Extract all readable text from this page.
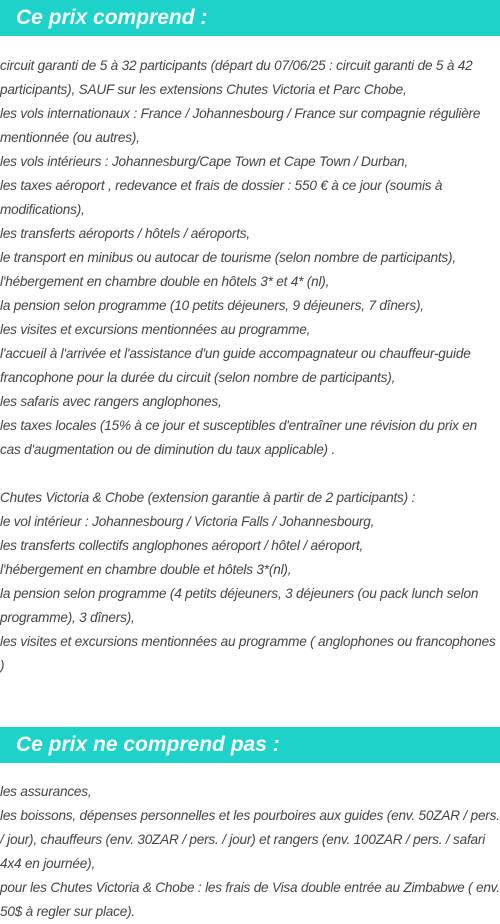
Ce prix comprend :
circuit garanti de 5 à 32 participants (départ du 07/06/25 : circuit garanti de 5 à 42 participants), SAUF sur les extensions Chutes Victoria et Parc Chobe,
les vols internationaux : France / Johannesbourg / France sur compagnie régulière mentionnée (ou autres),
les vols intérieurs : Johannesburg/Cape Town et Cape Town / Durban,
les taxes aéroport , redevance et frais de dossier : 550 € à ce jour (soumis à modifications),
les transferts aéroports / hôtels / aéroports,
le transport en minibus ou autocar de tourisme (selon nombre de participants),
l'hébergement en chambre double en hôtels 3* et 4* (nl),
la pension selon programme (10 petits déjeuners, 9 déjeuners, 7 dîners),
les visites et excursions mentionnées au programme,
l'accueil à l'arrivée et l'assistance d'un guide accompagnateur ou chauffeur-guide francophone pour la durée du circuit (selon nombre de participants),
les safaris avec rangers anglophones,
les taxes locales (15% à ce jour et susceptibles d'entraîner une révision du prix en cas d'augmentation ou de diminution du taux applicable) .
Chutes Victoria & Chobe (extension garantie à partir de 2 participants) :
le vol intérieur : Johannesbourg / Victoria Falls / Johannesbourg,
les transferts collectifs anglophones aéroport / hôtel / aéroport,
l'hébergement en chambre double et hôtels 3*(nl),
la pension selon programme (4 petits déjeuners, 3 déjeuners (ou pack lunch selon programme), 3 dîners),
les visites et excursions mentionnées au programme ( anglophones ou francophones )
Ce prix ne comprend pas :
les assurances,
les boissons, dépenses personnelles et les pourboires aux guides (env. 50ZAR / pers. / jour), chauffeurs (env. 30ZAR / pers. / jour) et rangers (env. 100ZAR / pers. / safari 4x4 en journée),
pour les Chutes Victoria & Chobe : les frais de Visa double entrée au Zimbabwe ( env. 50$ à regler sur place).
